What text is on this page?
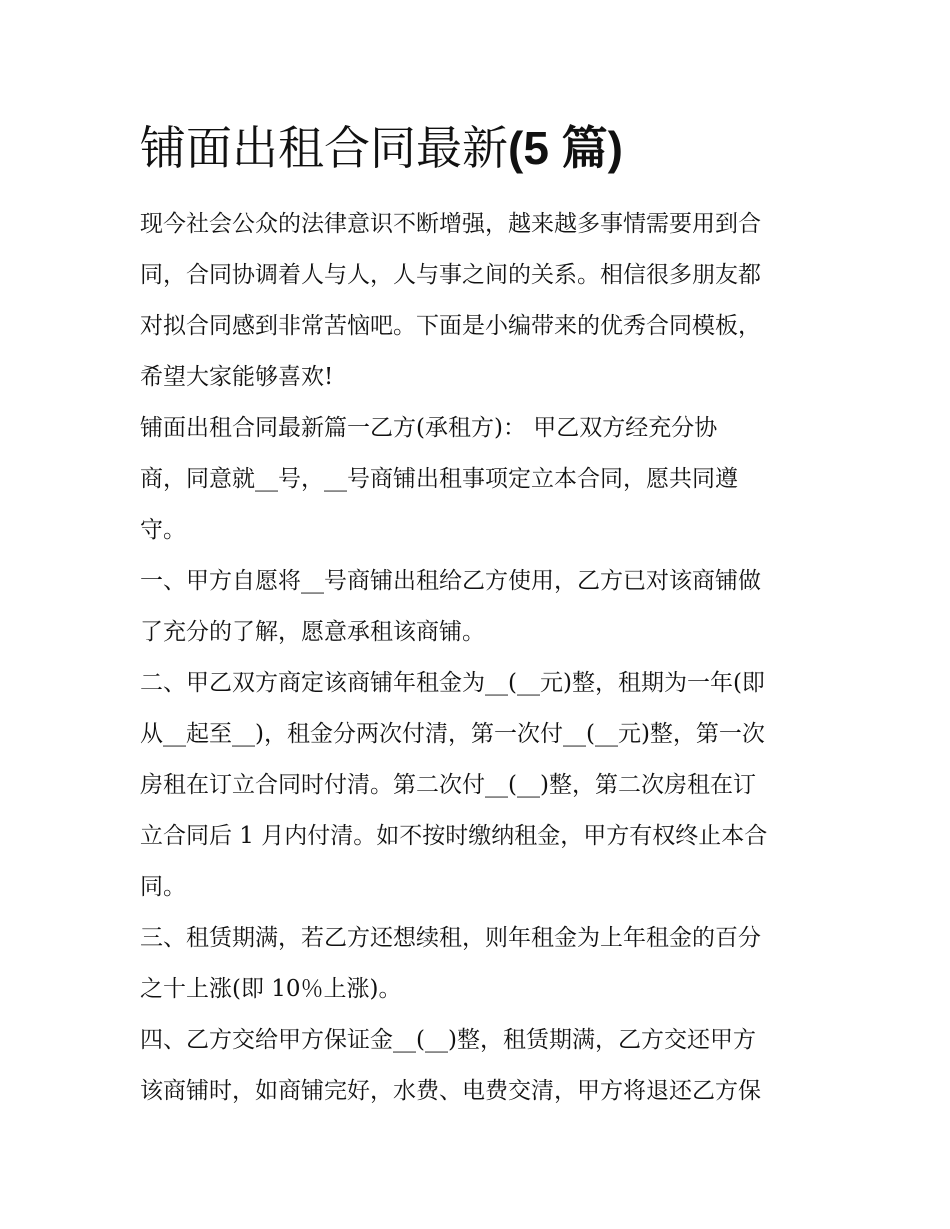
铺面出租合同最新(5 篇)
现今社会公众的法律意识不断增强，越来越多事情需要用到合
同，合同协调着人与人，人与事之间的关系。相信很多朋友都
对拟合同感到非常苦恼吧。下面是小编带来的优秀合同模板，
希望大家能够喜欢!
铺面出租合同最新篇一乙方(承租方)： 甲乙双方经充分协
商，同意就__号，__号商铺出租事项定立本合同，愿共同遵
守。
一、甲方自愿将__号商铺出租给乙方使用，乙方已对该商铺做
了充分的了解，愿意承租该商铺。
二、甲乙双方商定该商铺年租金为__(__元)整，租期为一年(即
从__起至__)，租金分两次付清，第一次付__(__元)整，第一次
房租在订立合同时付清。第二次付__(__)整，第二次房租在订
立合同后 1 月内付清。如不按时缴纳租金，甲方有权终止本合
同。
三、租赁期满，若乙方还想续租，则年租金为上年租金的百分
之十上涨(即 10％上涨)。
四、乙方交给甲方保证金__(__)整，租赁期满，乙方交还甲方
该商铺时，如商铺完好，水费、电费交清，甲方将退还乙方保
